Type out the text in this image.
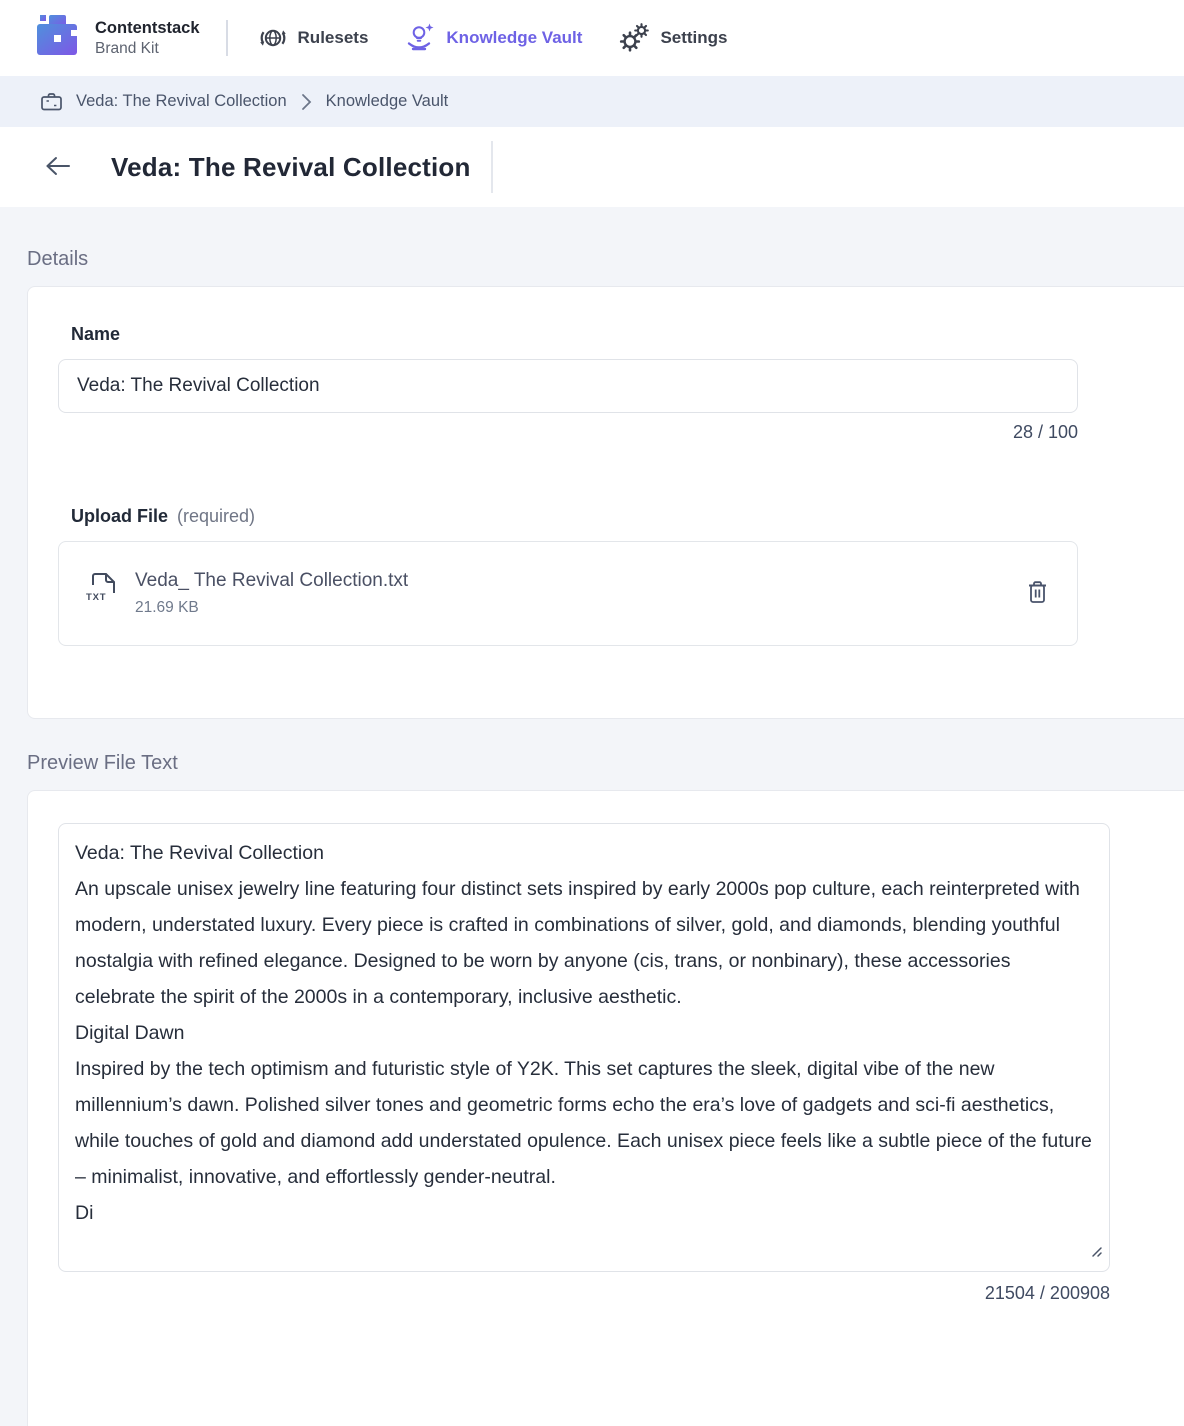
Contentstack
Brand Kit
Rulesets	Knowledge Vault	Settings
Veda: The Revival Collection Knowledge Vault
Veda: The Revival Collection
Details
Name
Veda: The Revival Collection
28 / 100
Upload File (required)
TXT
Veda_ The Revival Collection.txt
21.69 KB
Preview File Text
Veda: The Revival Collection An upscale unisex jewelry line featuring four distinct sets inspired by early 2000s pop culture, each reinterpreted with modern, understated luxury. Every piece is crafted in combinations of silver, gold, and diamonds, blending youthful nostalgia with refined elegance. Designed to be worn by anyone (cis, trans, or nonbinary), these accessories celebrate the spirit of the 2000s in a contemporary, inclusive aesthetic. Digital Dawn Inspired by the tech optimism and futuristic style of Y2K. This set captures the sleek, digital vibe of the new millennium’s dawn. Polished silver tones and geometric forms echo the era’s love of gadgets and sci-fi aesthetics, while touches of gold and diamond add understated opulence. Each unisex piece feels like a subtle piece of the future – minimalist, innovative, and effortlessly gender-neutral. Di
21504 / 200908
